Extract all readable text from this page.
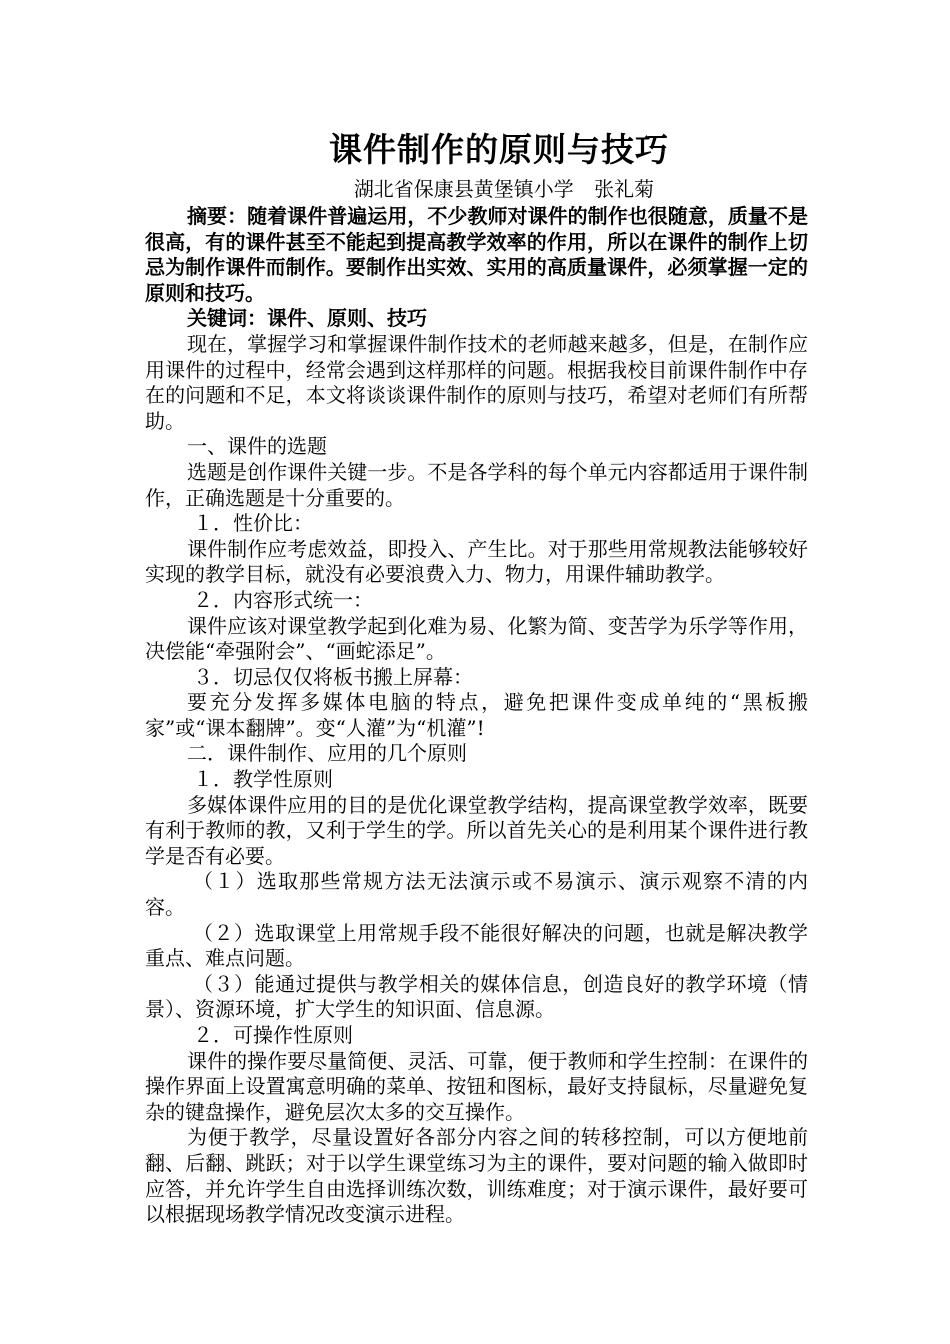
课件制作的原则与技巧
湖北省保康县黄堡镇小学 张礼菊

摘要：随着课件普遍运用，不少教师对课件的制作也很随意，质量不是很高，有的课件甚至不能起到提高教学效率的作用，所以在课件的制作上切忌为制作课件而制作。要制作出实效、实用的高质量课件，必须掌握一定的原则和技巧。

关键词：课件、原则、技巧

现在，掌握学习和掌握课件制作技术的老师越来越多，但是，在制作应用课件的过程中，经常会遇到这样那样的问题。根据我校目前课件制作中存在的问题和不足，本文将谈谈课件制作的原则与技巧，希望对老师们有所帮助。

一、课件的选题

选题是创作课件关键一步。不是各学科的每个单元内容都适用于课件制作，正确选题是十分重要的。

１．性价比：

课件制作应考虑效益，即投入、产生比。对于那些用常规教法能够较好实现的教学目标，就没有必要浪费入力、物力，用课件辅助教学。

２．内容形式统一：

课件应该对课堂教学起到化难为易、化繁为简、变苦学为乐学等作用，决偿能“牵强附会”、“画蛇添足”。

３．切忌仅仅将板书搬上屏幕：

要充分发挥多媒体电脑的特点，避免把课件变成单纯的“黑板搬家”或“课本翻牌”。变“人灌”为“机灌”!

二．课件制作、应用的几个原则

１．教学性原则

多媒体课件应用的目的是优化课堂教学结构，提高课堂教学效率，既要有利于教师的教，又利于学生的学。所以首先关心的是利用某个课件进行教学是否有必要。

（１）选取那些常规方法无法演示或不易演示、演示观察不清的内容。

（２）选取课堂上用常规手段不能很好解决的问题，也就是解决教学重点、难点问题。

（３）能通过提供与教学相关的媒体信息，创造良好的教学环境（情景）、资源环境，扩大学生的知识面、信息源。

２．可操作性原则

课件的操作要尽量简便、灵活、可靠，便于教师和学生控制：在课件的操作界面上设置寓意明确的菜单、按钮和图标，最好支持鼠标，尽量避免复杂的键盘操作，避免层次太多的交互操作。

为便于教学，尽量设置好各部分内容之间的转移控制，可以方便地前翻、后翻、跳跃；对于以学生课堂练习为主的课件，要对问题的输入做即时应答，并允许学生自由选择训练次数，训练难度；对于演示课件，最好要可以根据现场教学情况改变演示进程。
